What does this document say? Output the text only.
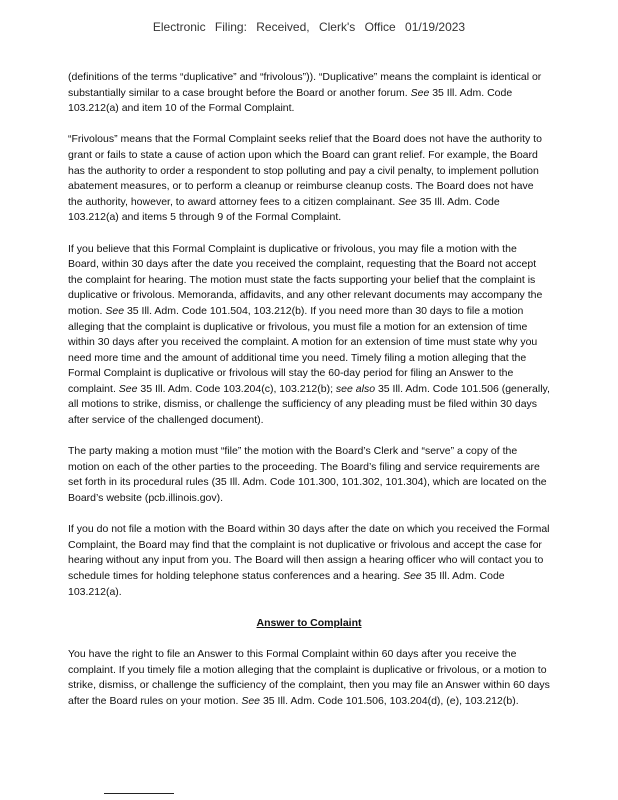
Electronic Filing: Received, Clerk's Office 01/19/2023

(definitions of the terms “duplicative” and “frivolous”)). “Duplicative” means the complaint is identical or substantially similar to a case brought before the Board or another forum. See 35 Ill. Adm. Code 103.212(a) and item 10 of the Formal Complaint.

“Frivolous” means that the Formal Complaint seeks relief that the Board does not have the authority to grant or fails to state a cause of action upon which the Board can grant relief. For example, the Board has the authority to order a respondent to stop polluting and pay a civil penalty, to implement pollution abatement measures, or to perform a cleanup or reimburse cleanup costs. The Board does not have the authority, however, to award attorney fees to a citizen complainant. See 35 Ill. Adm. Code 103.212(a) and items 5 through 9 of the Formal Complaint.

If you believe that this Formal Complaint is duplicative or frivolous, you may file a motion with the Board, within 30 days after the date you received the complaint, requesting that the Board not accept the complaint for hearing. The motion must state the facts supporting your belief that the complaint is duplicative or frivolous. Memoranda, affidavits, and any other relevant documents may accompany the motion. See 35 Ill. Adm. Code 101.504, 103.212(b). If you need more than 30 days to file a motion alleging that the complaint is duplicative or frivolous, you must file a motion for an extension of time within 30 days after you received the complaint. A motion for an extension of time must state why you need more time and the amount of additional time you need. Timely filing a motion alleging that the Formal Complaint is duplicative or frivolous will stay the 60-day period for filing an Answer to the complaint. See 35 Ill. Adm. Code 103.204(c), 103.212(b); see also 35 Ill. Adm. Code 101.506 (generally, all motions to strike, dismiss, or challenge the sufficiency of any pleading must be filed within 30 days after service of the challenged document).

The party making a motion must “file” the motion with the Board’s Clerk and “serve” a copy of the motion on each of the other parties to the proceeding. The Board’s filing and service requirements are set forth in its procedural rules (35 Ill. Adm. Code 101.300, 101.302, 101.304), which are located on the Board’s website (pcb.illinois.gov).

If you do not file a motion with the Board within 30 days after the date on which you received the Formal Complaint, the Board may find that the complaint is not duplicative or frivolous and accept the case for hearing without any input from you. The Board will then assign a hearing officer who will contact you to schedule times for holding telephone status conferences and a hearing. See 35 Ill. Adm. Code 103.212(a).

Answer to Complaint
You have the right to file an Answer to this Formal Complaint within 60 days after you receive the complaint. If you timely file a motion alleging that the complaint is duplicative or frivolous, or a motion to strike, dismiss, or challenge the sufficiency of the complaint, then you may file an Answer within 60 days after the Board rules on your motion. See 35 Ill. Adm. Code 101.506, 103.204(d), (e), 103.212(b).
